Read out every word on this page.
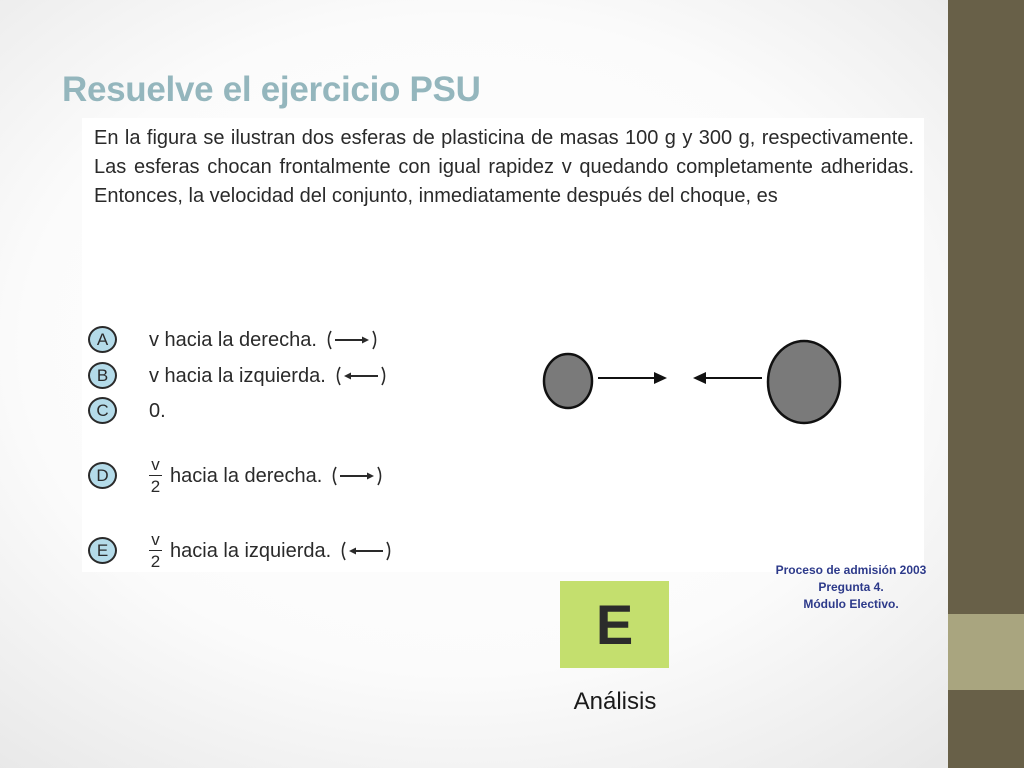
Resuelve el ejercicio PSU

En la figura se ilustran dos esferas de plasticina de masas 100 g y 300 g, respectivamente. Las esferas chocan frontalmente con igual rapidez v quedando completamente adheridas. Entonces, la velocidad del conjunto, inmediatamente después del choque, es

A	v hacia la derecha.
B	v hacia la izquierda.
C	0.
D	$\frac{v}{2}$ hacia la derecha.
E	$\frac{v}{2}$ hacia la izquierda.
Proceso de admisión 2003
Pregunta 4.
Módulo Electivo.
E
Análisis
